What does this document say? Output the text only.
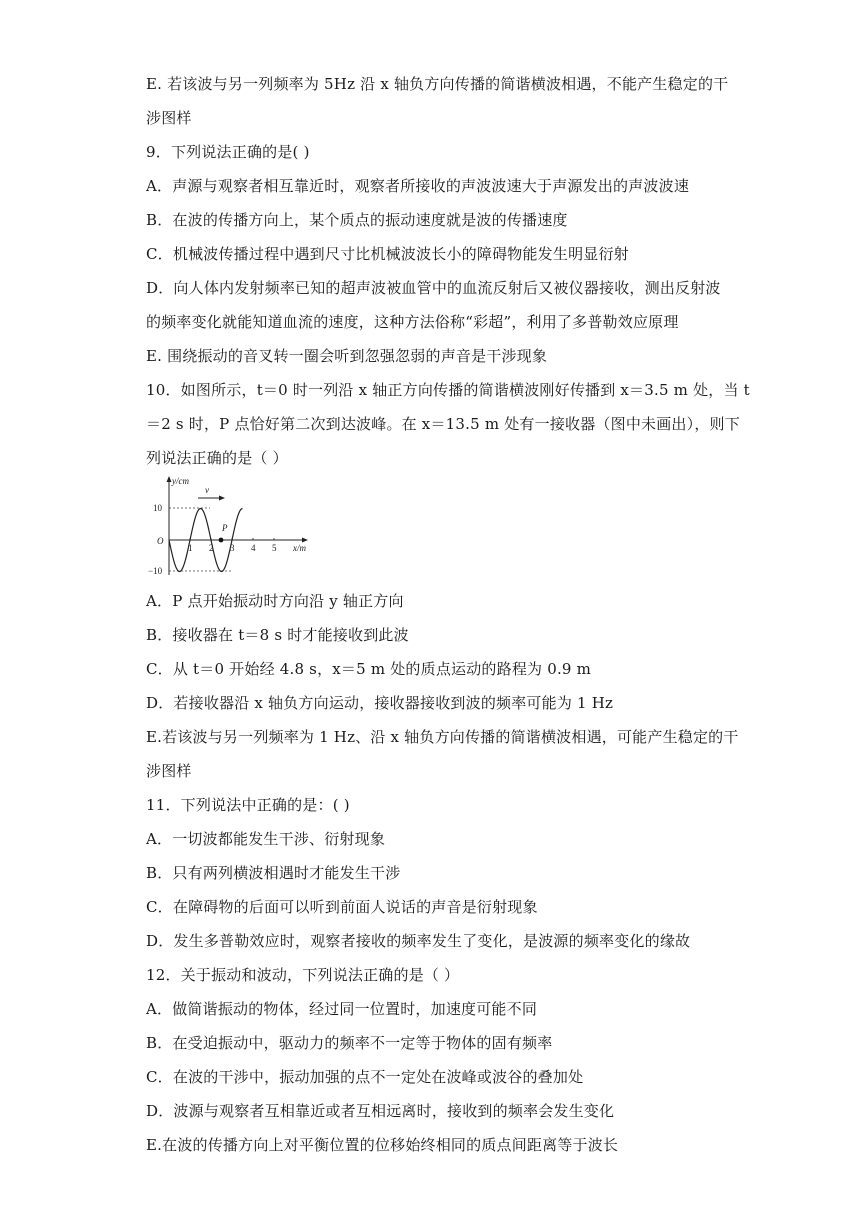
E. 若该波与另一列频率为 5Hz 沿 x 轴负方向传播的简谐横波相遇，不能产生稳定的干
涉图样
9．下列说法正确的是( )
A．声源与观察者相互靠近时，观察者所接收的声波波速大于声源发出的声波波速
B．在波的传播方向上，某个质点的振动速度就是波的传播速度
C．机械波传播过程中遇到尺寸比机械波波长小的障碍物能发生明显衍射
D．向人体内发射频率已知的超声波被血管中的血流反射后又被仪器接收，测出反射波
的频率变化就能知道血流的速度，这种方法俗称“彩超”，利用了多普勒效应原理
E. 围绕振动的音叉转一圈会听到忽强忽弱的声音是干涉现象
10．如图所示，t＝0 时一列沿 x 轴正方向传播的简谐横波刚好传播到 x＝3.5 m 处，当 t
＝2 s 时，P 点恰好第二次到达波峰。在 x＝13.5 m 处有一接收器（图中未画出），则下
列说法正确的是（ ）
v
P
y/cm
x/m
O
10
−10
1 2 3 4 5
A．P 点开始振动时方向沿 y 轴正方向
B．接收器在 t＝8 s 时才能接收到此波
C．从 t＝0 开始经 4.8 s，x＝5 m 处的质点运动的路程为 0.9 m
D．若接收器沿 x 轴负方向运动，接收器接收到波的频率可能为 1 Hz
E.若该波与另一列频率为 1 Hz、沿 x 轴负方向传播的简谐横波相遇，可能产生稳定的干
涉图样
11．下列说法中正确的是：( )
A．一切波都能发生干涉、衍射现象
B．只有两列横波相遇时才能发生干涉
C．在障碍物的后面可以听到前面人说话的声音是衍射现象
D．发生多普勒效应时，观察者接收的频率发生了变化，是波源的频率变化的缘故
12．关于振动和波动，下列说法正确的是（ ）
A．做简谐振动的物体，经过同一位置时，加速度可能不同
B．在受迫振动中，驱动力的频率不一定等于物体的固有频率
C．在波的干涉中，振动加强的点不一定处在波峰或波谷的叠加处
D．波源与观察者互相靠近或者互相远离时，接收到的频率会发生变化
E.在波的传播方向上对平衡位置的位移始终相同的质点间距离等于波长
